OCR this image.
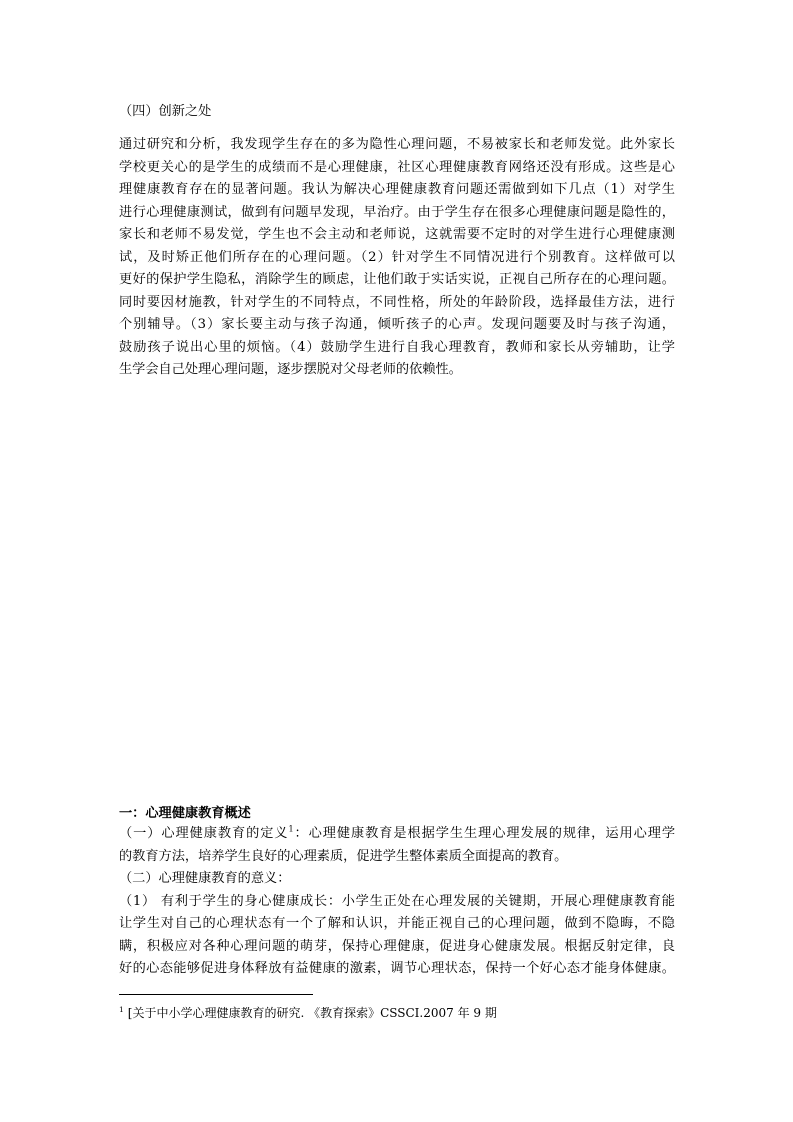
（四）创新之处
通过研究和分析，我发现学生存在的多为隐性心理问题，不易被家长和老师发觉。此外家长
学校更关心的是学生的成绩而不是心理健康，社区心理健康教育网络还没有形成。这些是心
理健康教育存在的显著问题。我认为解决心理健康教育问题还需做到如下几点（1）对学生
进行心理健康测试，做到有问题早发现，早治疗。由于学生存在很多心理健康问题是隐性的，
家长和老师不易发觉，学生也不会主动和老师说，这就需要不定时的对学生进行心理健康测
试，及时矫正他们所存在的心理问题。（2）针对学生不同情况进行个别教育。这样做可以
更好的保护学生隐私，消除学生的顾虑，让他们敢于实话实说，正视自己所存在的心理问题。
同时要因材施教，针对学生的不同特点，不同性格，所处的年龄阶段，选择最佳方法，进行
个别辅导。（3）家长要主动与孩子沟通，倾听孩子的心声。发现问题要及时与孩子沟通，
鼓励孩子说出心里的烦恼。（4）鼓励学生进行自我心理教育，教师和家长从旁辅助，让学
生学会自己处理心理问题，逐步摆脱对父母老师的依赖性。
一：心理健康教育概述
（一）心理健康教育的定义$^1$：心理健康教育是根据学生生理心理发展的规律，运用心理学
的教育方法，培养学生良好的心理素质，促进学生整体素质全面提高的教育。
（二）心理健康教育的意义：
（1） 有利于学生的身心健康成长：小学生正处在心理发展的关键期，开展心理健康教育能
让学生对自己的心理状态有一个了解和认识，并能正视自己的心理问题，做到不隐晦，不隐
瞒，积极应对各种心理问题的萌芽，保持心理健康，促进身心健康发展。根据反射定律，良
好的心态能够促进身体释放有益健康的激素，调节心理状态，保持一个好心态才能身体健康。
$^1$ [关于中小学心理健康教育的研究. 《教育探索》CSSCI.2007 年 9 期
